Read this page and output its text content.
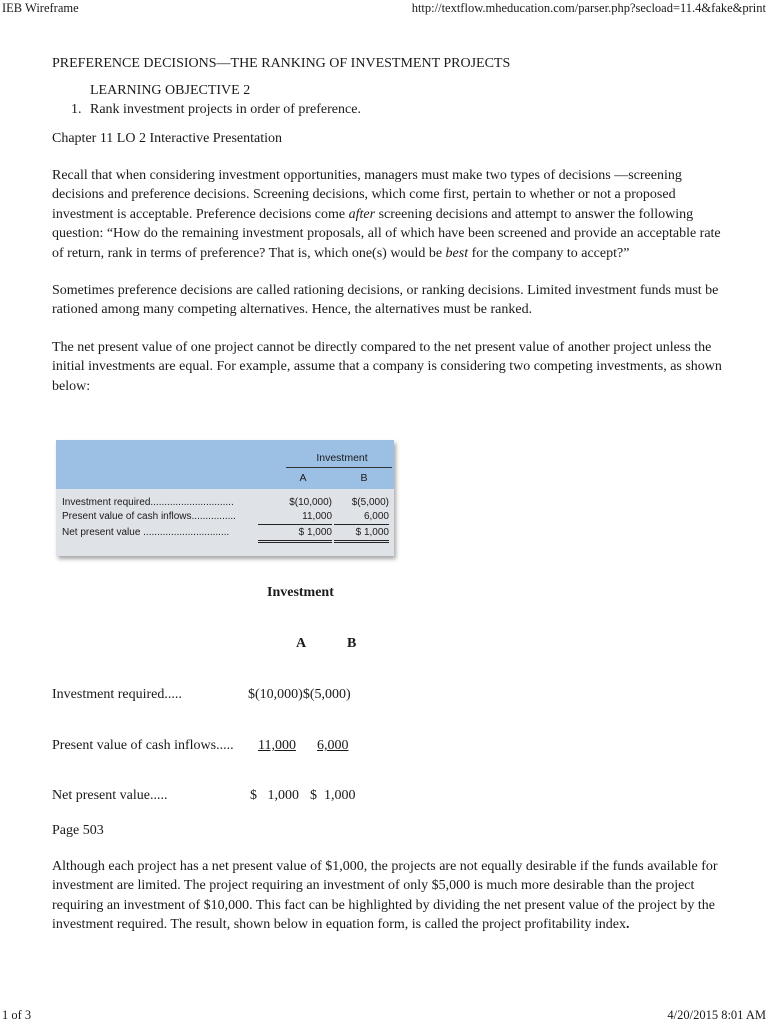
IEB Wireframe	http://textflow.mheducation.com/parser.php?secload=11.4&fake&print
PREFERENCE DECISIONS—THE RANKING OF INVESTMENT PROJECTS
LEARNING OBJECTIVE 2
1. Rank investment projects in order of preference.
Chapter 11 LO 2 Interactive Presentation

Recall that when considering investment opportunities, managers must make two types of decisions —screening decisions and preference decisions. Screening decisions, which come first, pertain to whether or not a proposed investment is acceptable. Preference decisions come after screening decisions and attempt to answer the following question: “How do the remaining investment proposals, all of which have been screened and provide an acceptable rate of return, rank in terms of preference? That is, which one(s) would be best for the company to accept?”

Sometimes preference decisions are called rationing decisions, or ranking decisions. Limited investment funds must be rationed among many competing alternatives. Hence, the alternatives must be ranked.

The net present value of one project cannot be directly compared to the net present value of another project unless the initial investments are equal. For example, assume that a company is considering two competing investments, as shown below:

Investment
A	B
Investment required..............................	$(10,000)	$(5,000)
Present value of cash inflows................	11,000	6,000
Net present value ...............................	$ 1,000	$ 1,000
Investment
A	B
Investment required.....	$(10,000)$(5,000)
Present value of cash inflows..... 11,000 6,000
Net present value.....	$   1,000 $  1,000
Page 503

Although each project has a net present value of $1,000, the projects are not equally desirable if the funds available for investment are limited. The project requiring an investment of only $5,000 is much more desirable than the project requiring an investment of $10,000. This fact can be highlighted by dividing the net present value of the project by the investment required. The result, shown below in equation form, is called the project profitability index.

1 of 3	4/20/2015 8:01 AM
